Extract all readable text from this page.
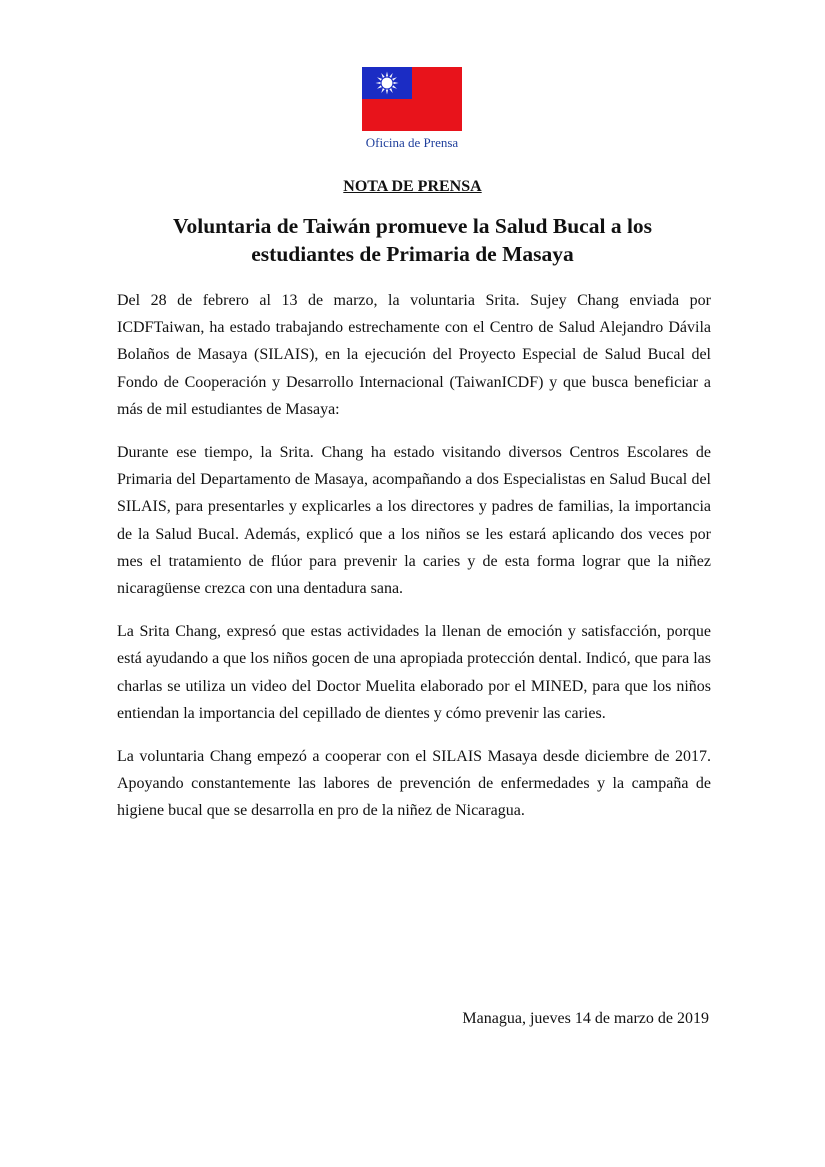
Oficina de Prensa
NOTA DE PRENSA
Voluntaria de Taiwán promueve la Salud Bucal a los estudiantes de Primaria de Masaya

Del 28 de febrero al 13 de marzo, la voluntaria Srita. Sujey Chang enviada por ICDFTaiwan, ha estado trabajando estrechamente con el Centro de Salud Alejandro Dávila Bolaños de Masaya (SILAIS), en la ejecución del Proyecto Especial de Salud Bucal del Fondo de Cooperación y Desarrollo Internacional (TaiwanICDF) y que busca beneficiar a más de mil estudiantes de Masaya:

Durante ese tiempo, la Srita. Chang ha estado visitando diversos Centros Escolares de Primaria del Departamento de Masaya, acompañando a dos Especialistas en Salud Bucal del SILAIS, para presentarles y explicarles a los directores y padres de familias, la importancia de la Salud Bucal. Además, explicó que a los niños se les estará aplicando dos veces por mes el tratamiento de flúor para prevenir la caries y de esta forma lograr que la niñez nicaragüense crezca con una dentadura sana.

La Srita Chang, expresó que estas actividades la llenan de emoción y satisfacción, porque está ayudando a que los niños gocen de una apropiada protección dental. Indicó, que para las charlas se utiliza un video del Doctor Muelita elaborado por el MINED, para que los niños entiendan la importancia del cepillado de dientes y cómo prevenir las caries.

La voluntaria Chang empezó a cooperar con el SILAIS Masaya desde diciembre de 2017. Apoyando constantemente las labores de prevención de enfermedades y la campaña de higiene bucal que se desarrolla en pro de la niñez de Nicaragua.

Managua, jueves 14 de marzo de 2019
